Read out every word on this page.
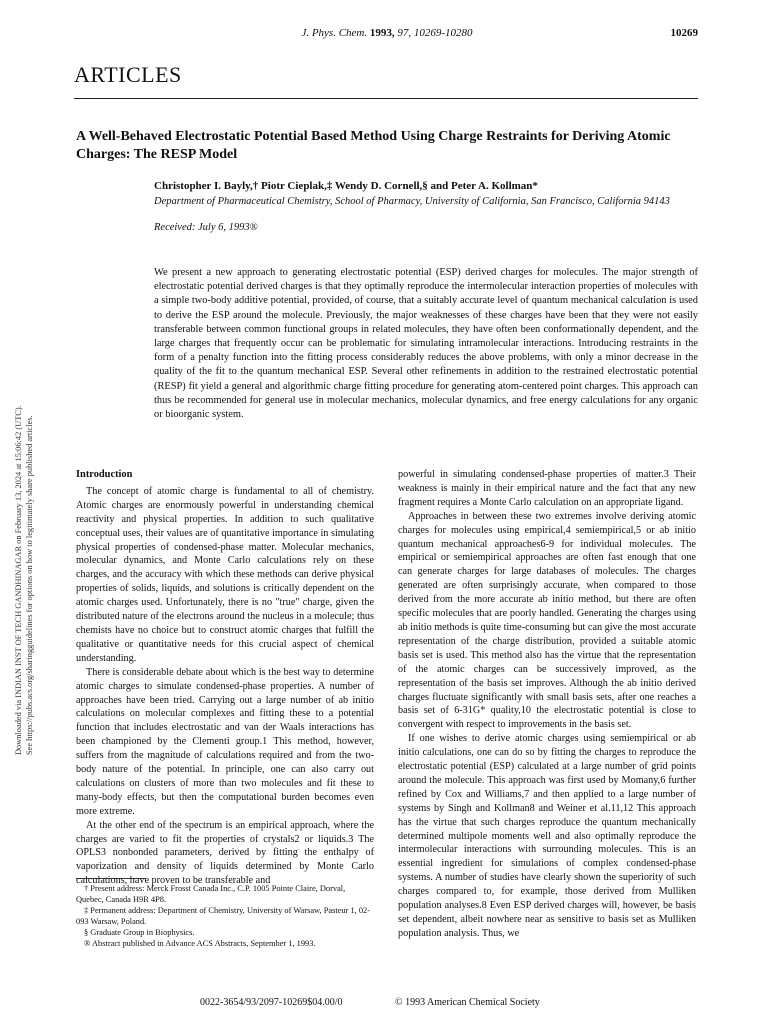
J. Phys. Chem. 1993, 97, 10269-10280	10269
ARTICLES
A Well-Behaved Electrostatic Potential Based Method Using Charge Restraints for Deriving Atomic Charges: The RESP Model
Christopher I. Bayly,† Piotr Cieplak,‡ Wendy D. Cornell,§ and Peter A. Kollman*
Department of Pharmaceutical Chemistry, School of Pharmacy, University of California, San Francisco, California 94143
Received: July 6, 1993®

We present a new approach to generating electrostatic potential (ESP) derived charges for molecules. The major strength of electrostatic potential derived charges is that they optimally reproduce the intermolecular interaction properties of molecules with a simple two-body additive potential, provided, of course, that a suitably accurate level of quantum mechanical calculation is used to derive the ESP around the molecule. Previously, the major weaknesses of these charges have been that they were not easily transferable between common functional groups in related molecules, they have often been conformationally dependent, and the large charges that frequently occur can be problematic for simulating intramolecular interactions. Introducing restraints in the form of a penalty function into the fitting process considerably reduces the above problems, with only a minor decrease in the quality of the fit to the quantum mechanical ESP. Several other refinements in addition to the restrained electrostatic potential (RESP) fit yield a general and algorithmic charge fitting procedure for generating atom-centered point charges. This approach can thus be recommended for general use in molecular mechanics, molecular dynamics, and free energy calculations for any organic or bioorganic system.

Introduction

The concept of atomic charge is fundamental to all of chemistry. Atomic charges are enormously powerful in understanding chemical reactivity and physical properties. In addition to such qualitative conceptual uses, their values are of quantitative importance in simulating physical properties of condensed-phase matter. Molecular mechanics, molecular dynamics, and Monte Carlo calculations rely on these charges, and the accuracy with which these methods can derive physical properties of solids, liquids, and solutions is critically dependent on the atomic charges used. Unfortunately, there is no "true" charge, given the distributed nature of the electrons around the nucleus in a molecule; thus chemists have no choice but to construct atomic charges that fulfill the qualitative or quantitative needs for this crucial aspect of chemical understanding.

There is considerable debate about which is the best way to determine atomic charges to simulate condensed-phase properties. A number of approaches have been tried. Carrying out a large number of ab initio calculations on molecular complexes and fitting these to a potential function that includes electrostatic and van der Waals interactions has been championed by the Clementi group.1 This method, however, suffers from the magnitude of calculations required and from the two-body nature of the potential. In principle, one can also carry out calculations on clusters of more than two molecules and fit these to many-body effects, but then the computational burden becomes even more extreme.

At the other end of the spectrum is an empirical approach, where the charges are varied to fit the properties of crystals2 or liquids.3 The OPLS3 nonbonded parameters, derived by fitting the enthalpy of vaporization and density of liquids determined by Monte Carlo calculations, have proven to be transferable and

powerful in simulating condensed-phase properties of matter.3 Their weakness is mainly in their empirical nature and the fact that any new fragment requires a Monte Carlo calculation on an appropriate ligand.

Approaches in between these two extremes involve deriving atomic charges for molecules using empirical,4 semiempirical,5 or ab initio quantum mechanical approaches6-9 for individual molecules. The empirical or semiempirical approaches are often fast enough that one can generate charges for large databases of molecules. The charges generated are often surprisingly accurate, when compared to those derived from the more accurate ab initio method, but there are often specific molecules that are poorly handled. Generating the charges using ab initio methods is quite time-consuming but can give the most accurate representation of the charge distribution, provided a suitable atomic basis set is used. This method also has the virtue that the representation of the atomic charges can be successively improved, as the representation of the basis set improves. Although the ab initio derived charges fluctuate significantly with small basis sets, after one reaches a basis set of 6-31G* quality,10 the electrostatic potential is close to convergent with respect to improvements in the basis set.

If one wishes to derive atomic charges using semiempirical or ab initio calculations, one can do so by fitting the charges to reproduce the electrostatic potential (ESP) calculated at a large number of grid points around the molecule. This approach was first used by Momany,6 further refined by Cox and Williams,7 and then applied to a large number of systems by Singh and Kollman8 and Weiner et al.11,12 This approach has the virtue that such charges reproduce the quantum mechanically determined multipole moments well and also optimally reproduce the intermolecular interactions with surrounding molecules. This is an essential ingredient for simulations of complex condensed-phase systems. A number of studies have clearly shown the superiority of such charges compared to, for example, those derived from Mulliken population analyses.8 Even ESP derived charges will, however, be basis set dependent, albeit nowhere near as sensitive to basis set as Mulliken population analysis. Thus, we

† Present address: Merck Frosst Canada Inc., C.P. 1005 Pointe Claire, Dorval, Quebec, Canada H9R 4P8.
‡ Permanent address: Department of Chemistry, University of Warsaw, Pasteur 1, 02-093 Warsaw, Poland.
§ Graduate Group in Biophysics.
® Abstract published in Advance ACS Abstracts, September 1, 1993.
0022-3654/93/2097-10269$04.00/0	© 1993 American Chemical Society
Downloaded via INDIAN INST OF TECH GANDHINAGAR on February 13, 2024 at 15:06:42 (UTC). See https://pubs.acs.org/sharingguidelines for options on how to legitimately share published articles.
